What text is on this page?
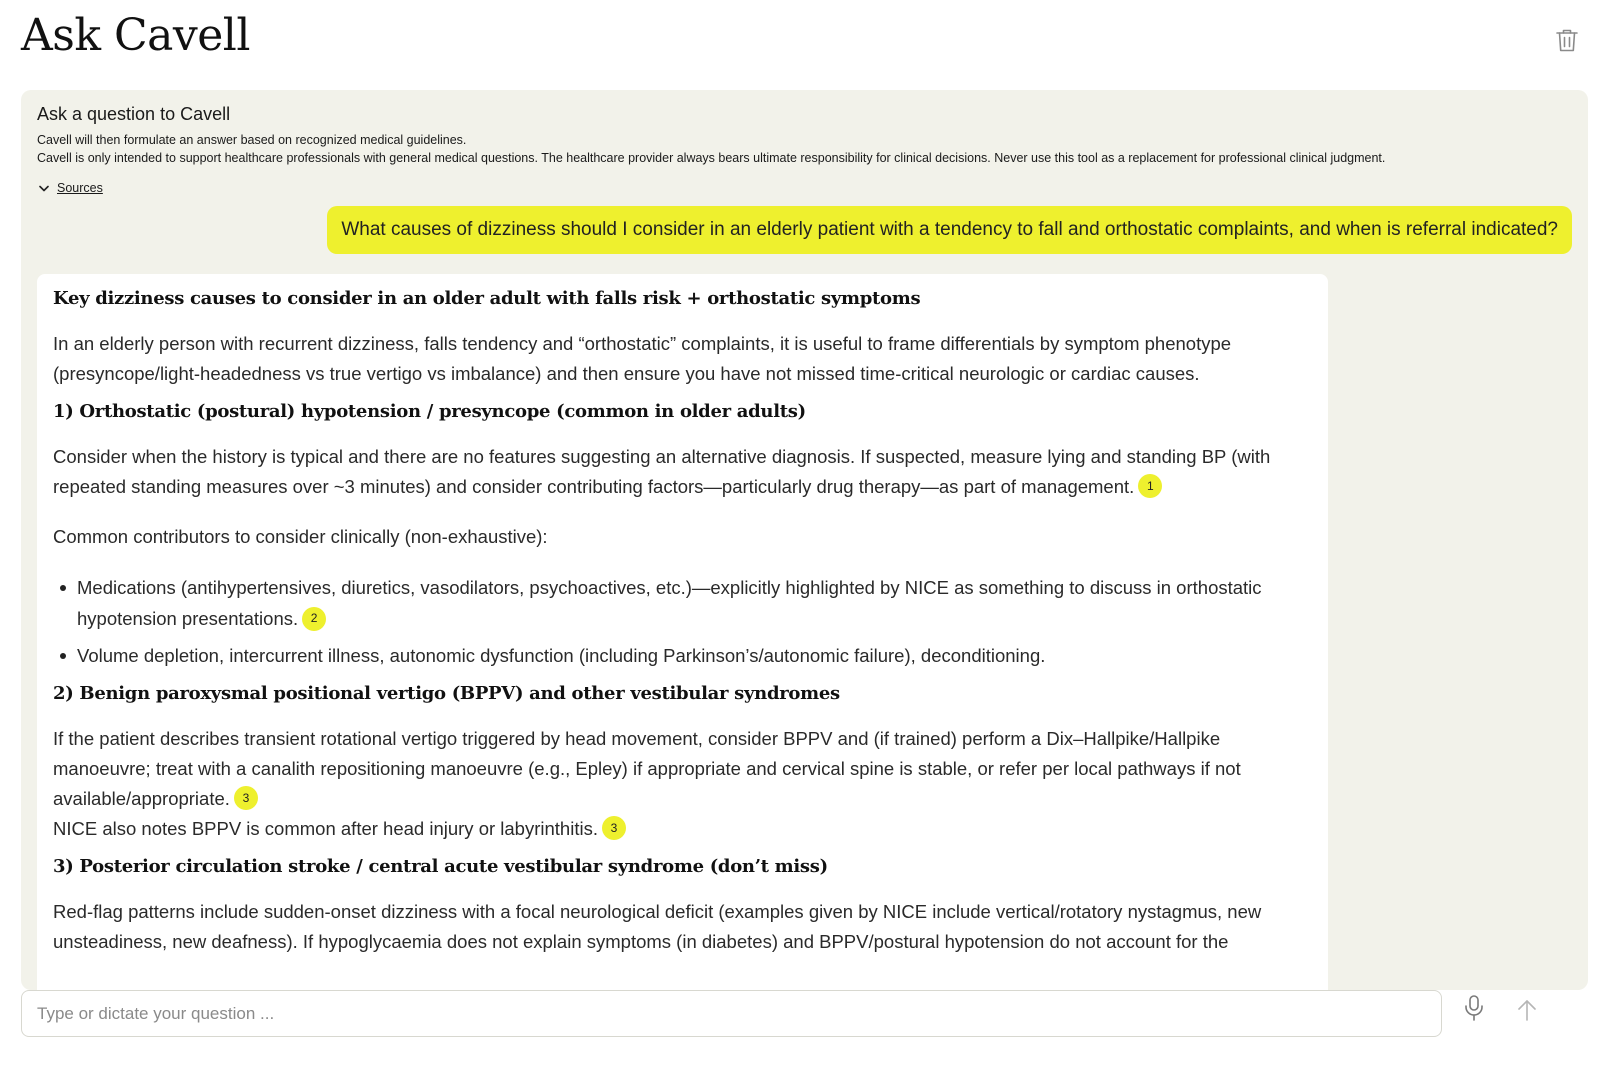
Ask Cavell
Ask a question to Cavell
Cavell will then formulate an answer based on recognized medical guidelines.
Cavell is only intended to support healthcare professionals with general medical questions. The healthcare provider always bears ultimate responsibility for clinical decisions. Never use this tool as a replacement for professional clinical judgment.
Sources
What causes of dizziness should I consider in an elderly patient with a tendency to fall and orthostatic complaints, and when is referral indicated?
Key dizziness causes to consider in an older adult with falls risk + orthostatic symptoms

In an elderly person with recurrent dizziness, falls tendency and “orthostatic” complaints, it is useful to frame differentials by symptom phenotype (presyncope/light-headedness vs true vertigo vs imbalance) and then ensure you have not missed time-critical neurologic or cardiac causes.

1) Orthostatic (postural) hypotension / presyncope (common in older adults)

Consider when the history is typical and there are no features suggesting an alternative diagnosis. If suspected, measure lying and standing BP (with repeated standing measures over ~3 minutes) and consider contributing factors—particularly drug therapy—as part of management. 1

Common contributors to consider clinically (non-exhaustive):

Medications (antihypertensives, diuretics, vasodilators, psychoactives, etc.)—explicitly highlighted by NICE as something to discuss in orthostatic hypotension presentations. 2
Volume depletion, intercurrent illness, autonomic dysfunction (including Parkinson’s/autonomic failure), deconditioning.
2) Benign paroxysmal positional vertigo (BPPV) and other vestibular syndromes

If the patient describes transient rotational vertigo triggered by head movement, consider BPPV and (if trained) perform a Dix–Hallpike/Hallpike manoeuvre; treat with a canalith repositioning manoeuvre (e.g., Epley) if appropriate and cervical spine is stable, or refer per local pathways if not available/appropriate. 3

NICE also notes BPPV is common after head injury or labyrinthitis. 3

3) Posterior circulation stroke / central acute vestibular syndrome (don’t miss)

Red-flag patterns include sudden-onset dizziness with a focal neurological deficit (examples given by NICE include vertical/rotatory nystagmus, new unsteadiness, new deafness). If hypoglycaemia does not explain symptoms (in diabetes) and BPPV/postural hypotension do not account for the

Type or dictate your question ...
